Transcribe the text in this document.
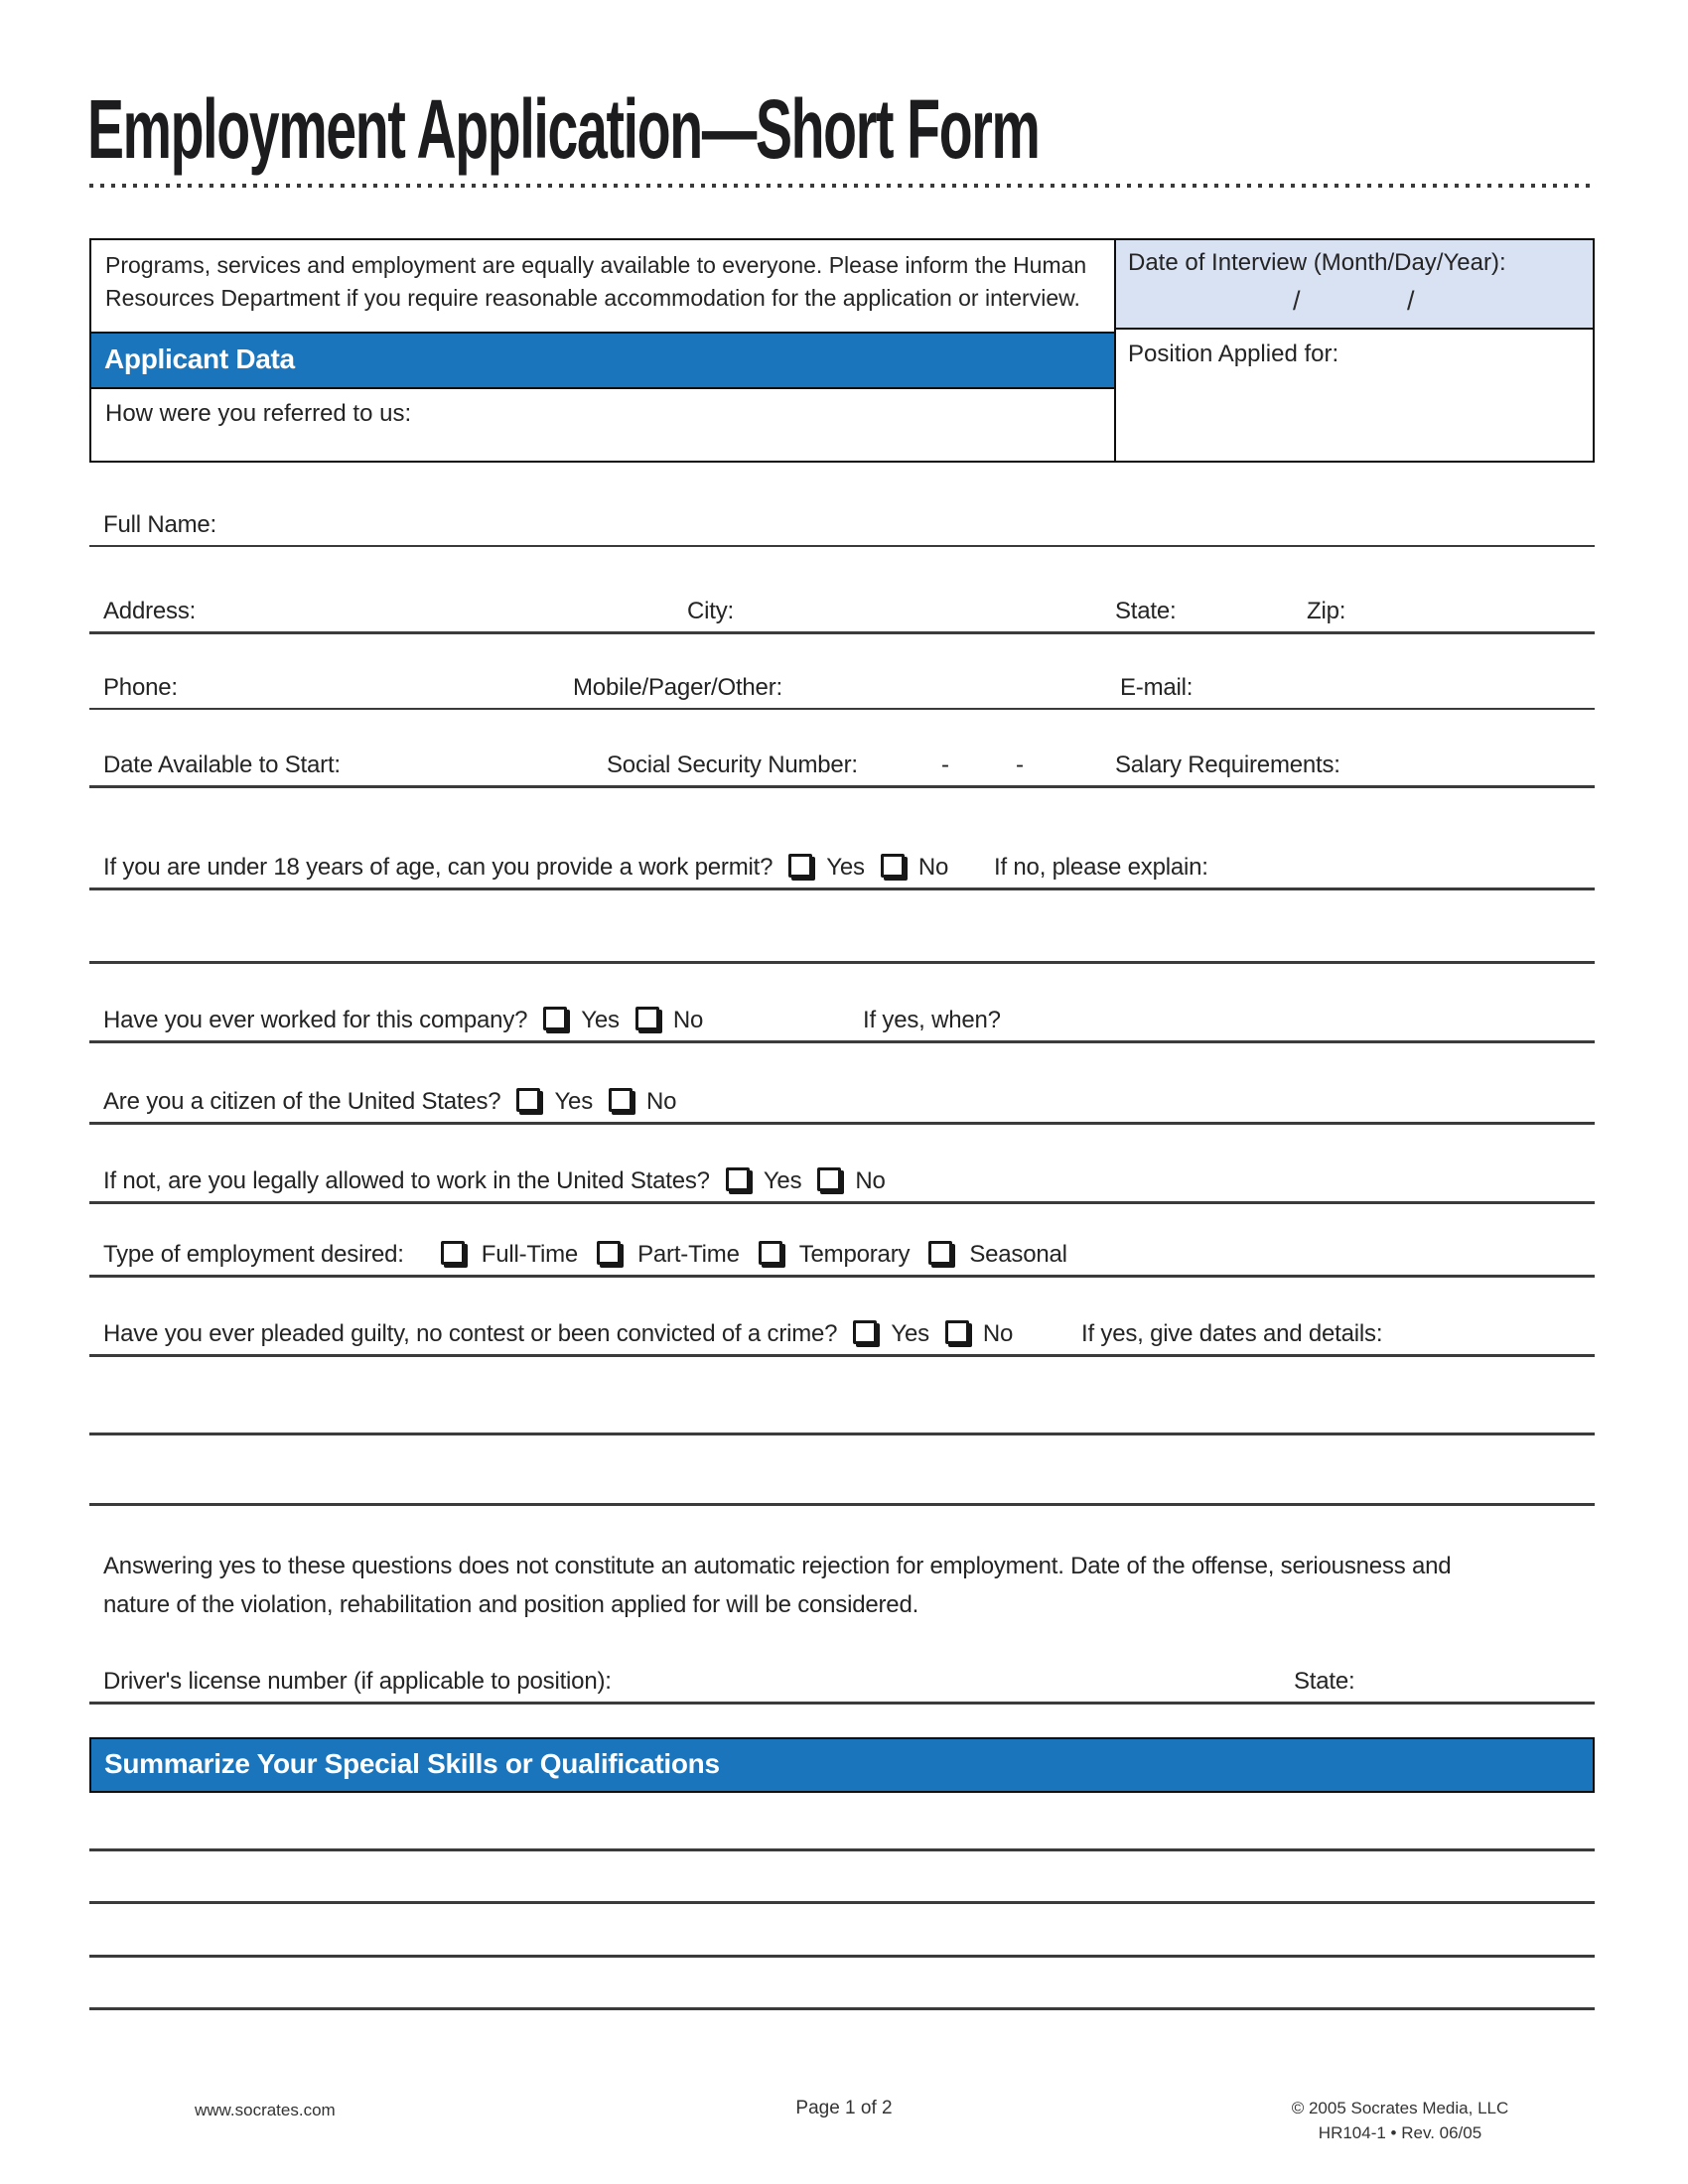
Employment Application—Short Form
Programs, services and employment are equally available to everyone. Please inform the Human Resources Department if you require reasonable accommodation for the application or interview.
Date of Interview (Month/Day/Year):
/	/
Applicant Data
How were you referred to us:
Position Applied for:
Full Name:
Address:	City:	State:	Zip:
Phone:	Mobile/Pager/Other:	E-mail:
Date Available to Start:	Social Security Number:	-	-	Salary Requirements:
If you are under 18 years of age, can you provide a work permit? Yes No If no, please explain:
Have you ever worked for this company? Yes No	If yes, when?
Are you a citizen of the United States? Yes No
If not, are you legally allowed to work in the United States? Yes No
Type of employment desired:	Full-Time	Part-Time	Temporary	Seasonal
Have you ever pleaded guilty, no contest or been convicted of a crime? Yes No	If yes, give dates and details:
Answering yes to these questions does not constitute an automatic rejection for employment. Date of the offense, seriousness and nature of the violation, rehabilitation and position applied for will be considered.
Driver's license number (if applicable to position):	State:
Summarize Your Special Skills or Qualifications
www.socrates.com	Page 1 of 2	© 2005 Socrates Media, LLC
HR104-1 • Rev. 06/05
